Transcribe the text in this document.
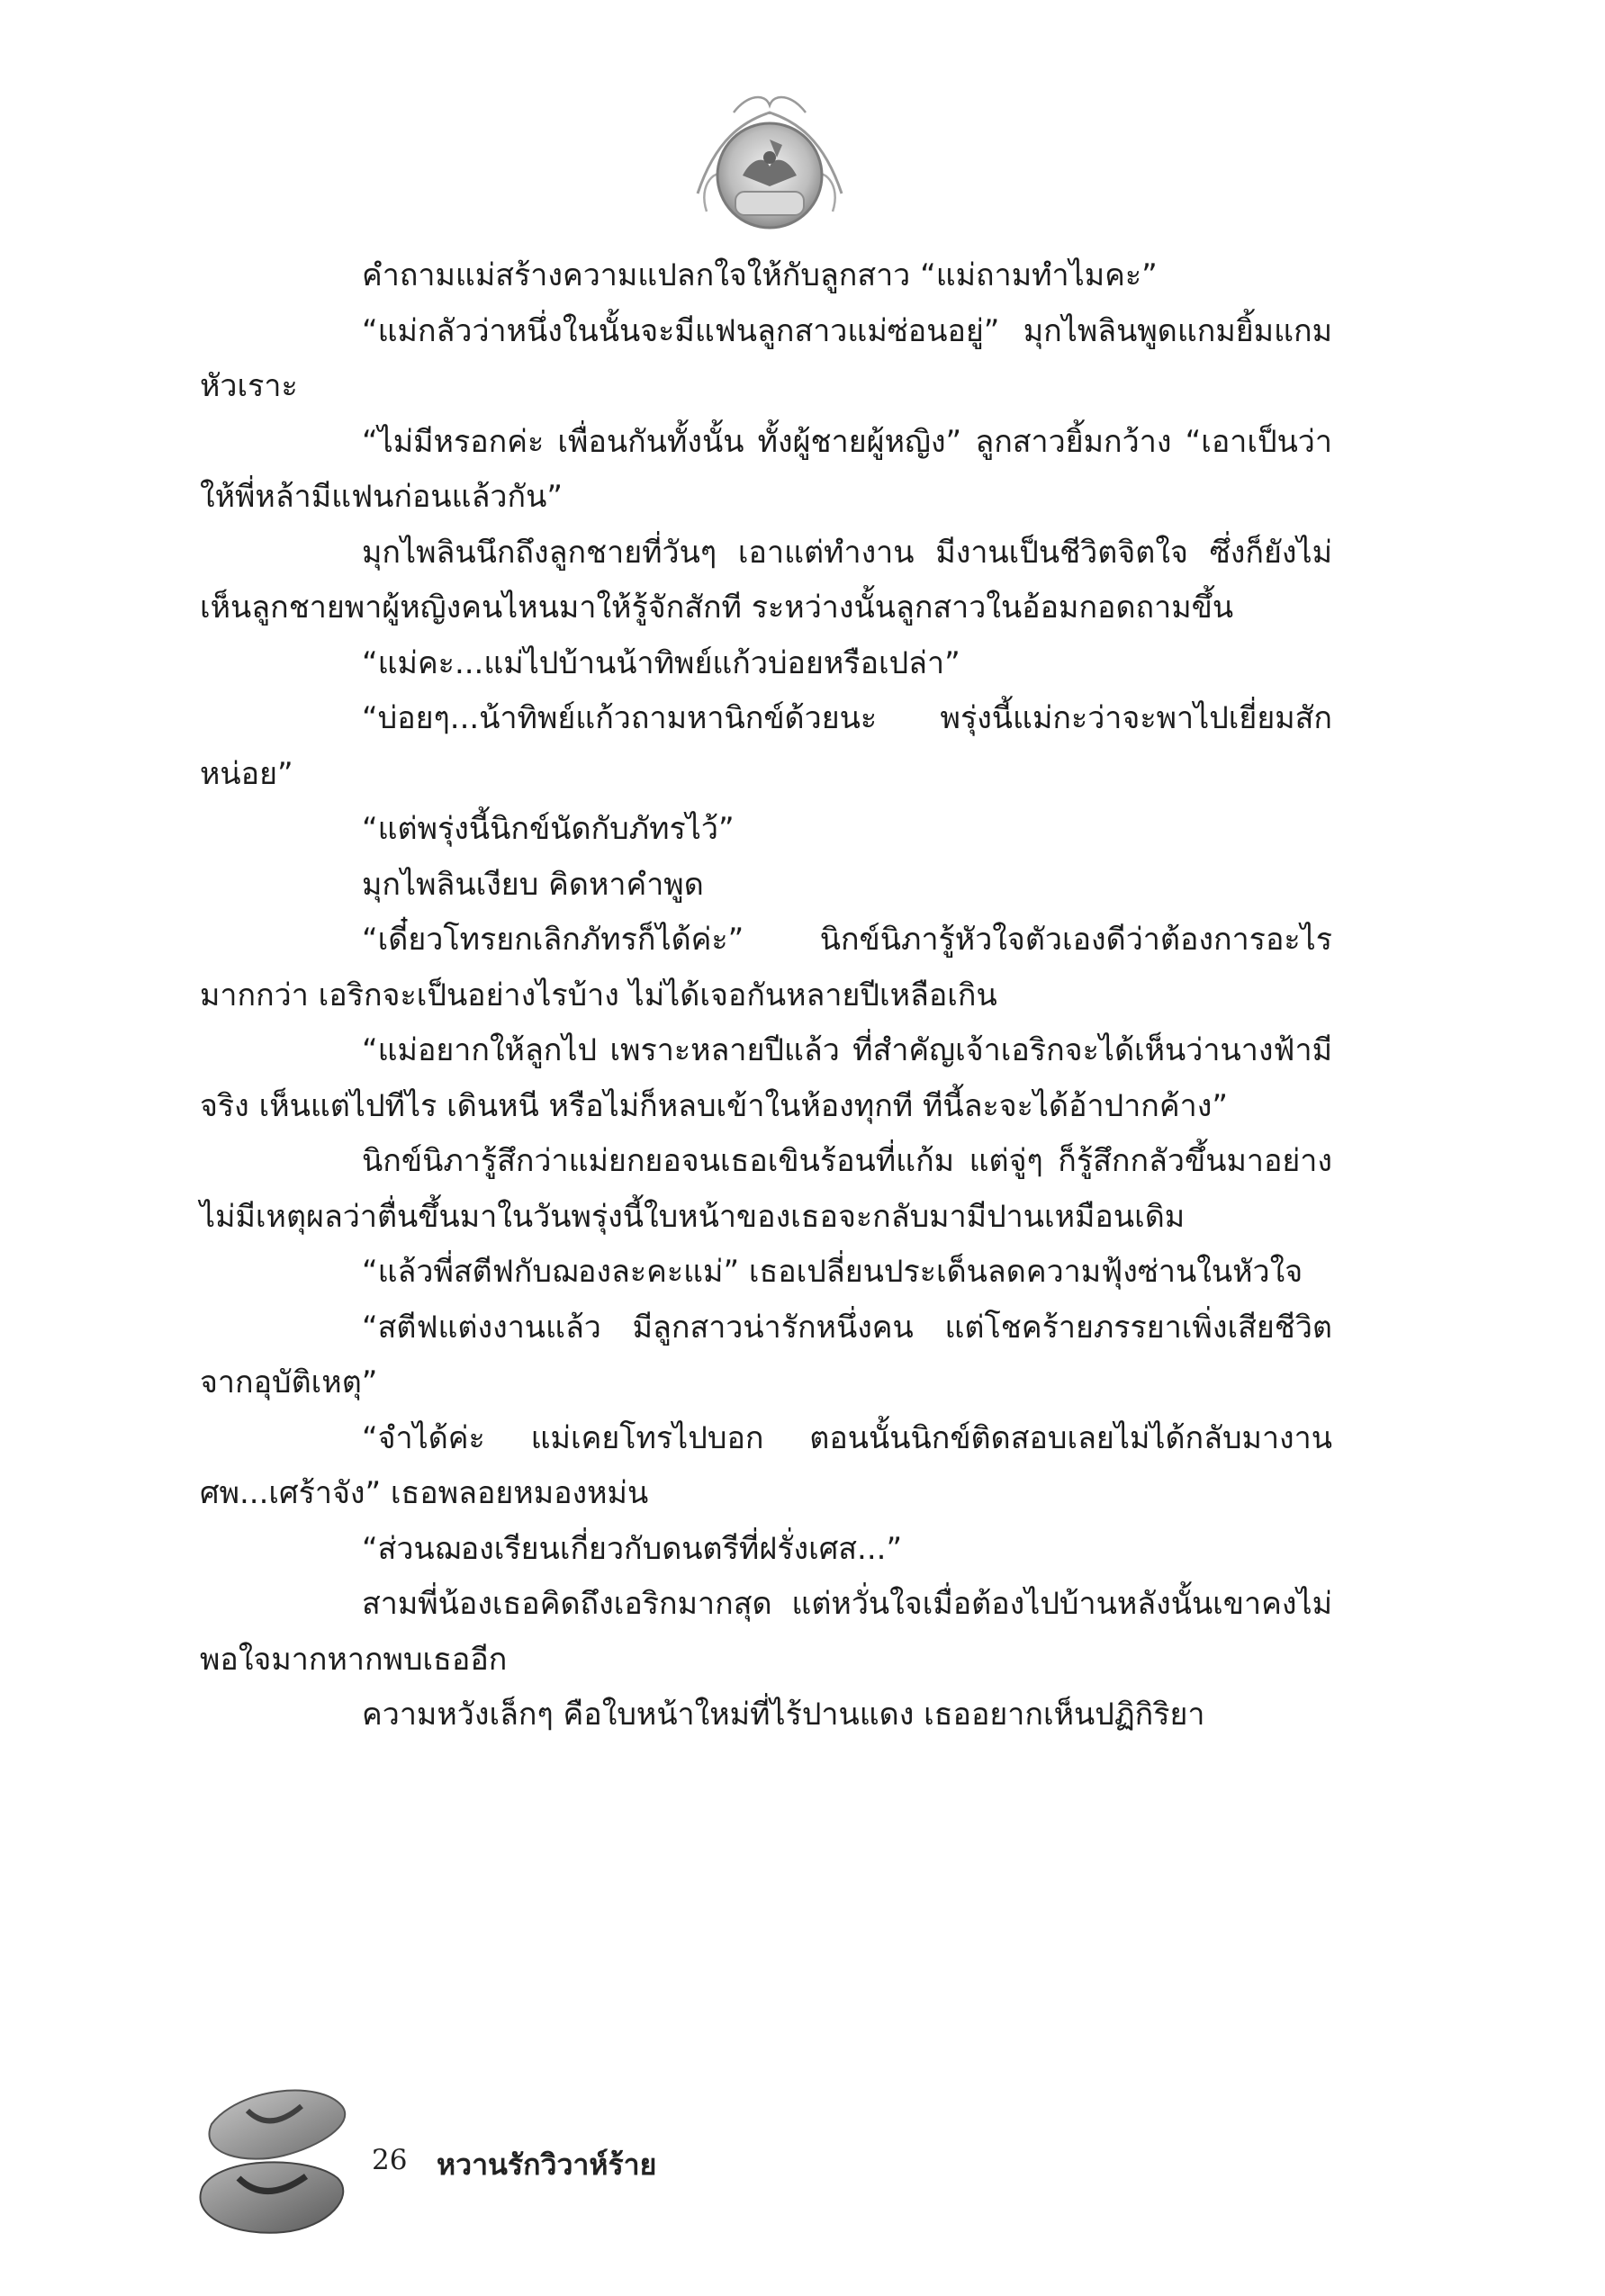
คำถามแม่สร้างความแปลกใจให้กับลูกสาว “แม่ถามทำไมคะ”

“แม่กลัวว่าหนึ่งในนั้นจะมีแฟนลูกสาวแม่ซ่อนอยู่” มุกไพลินพูดแกมยิ้มแกมหัวเราะ

“ไม่มีหรอกค่ะ เพื่อนกันทั้งนั้น ทั้งผู้ชายผู้หญิง” ลูกสาวยิ้มกว้าง “เอาเป็นว่าให้พี่หล้ามีแฟนก่อนแล้วกัน”

มุกไพลินนึกถึงลูกชายที่วันๆ เอาแต่ทำงาน มีงานเป็นชีวิตจิตใจ ซึ่งก็ยังไม่เห็นลูกชายพาผู้หญิงคนไหนมาให้รู้จักสักที ระหว่างนั้นลูกสาวในอ้อมกอดถามขึ้น

“แม่คะ...แม่ไปบ้านน้าทิพย์แก้วบ่อยหรือเปล่า”

“บ่อยๆ...น้าทิพย์แก้วถามหานิกข์ด้วยนะ พรุ่งนี้แม่กะว่าจะพาไปเยี่ยมสักหน่อย”

“แต่พรุ่งนี้นิกข์นัดกับภัทรไว้”

มุกไพลินเงียบ คิดหาคำพูด

“เดี๋ยวโทรยกเลิกภัทรก็ได้ค่ะ” นิกข์นิภารู้หัวใจตัวเองดีว่าต้องการอะไรมากกว่า เอริกจะเป็นอย่างไรบ้าง ไม่ได้เจอกันหลายปีเหลือเกิน

“แม่อยากให้ลูกไป เพราะหลายปีแล้ว ที่สำคัญเจ้าเอริกจะได้เห็นว่านางฟ้ามีจริง เห็นแต่ไปทีไร เดินหนี หรือไม่ก็หลบเข้าในห้องทุกที ทีนี้ละจะได้อ้าปากค้าง”

นิกข์นิภารู้สึกว่าแม่ยกยอจนเธอเขินร้อนที่แก้ม แต่จู่ๆ ก็รู้สึกกลัวขึ้นมาอย่างไม่มีเหตุผลว่าตื่นขึ้นมาในวันพรุ่งนี้ใบหน้าของเธอจะกลับมามีปานเหมือนเดิม

“แล้วพี่สตีฟกับฌองละคะแม่” เธอเปลี่ยนประเด็นลดความฟุ้งซ่านในหัวใจ

“สตีฟแต่งงานแล้ว มีลูกสาวน่ารักหนึ่งคน แต่โชคร้ายภรรยาเพิ่งเสียชีวิตจากอุบัติเหตุ”

“จำได้ค่ะ แม่เคยโทรไปบอก ตอนนั้นนิกข์ติดสอบเลยไม่ได้กลับมางานศพ...เศร้าจัง” เธอพลอยหมองหม่น

“ส่วนฌองเรียนเกี่ยวกับดนตรีที่ฝรั่งเศส...”

สามพี่น้องเธอคิดถึงเอริกมากสุด แต่หวั่นใจเมื่อต้องไปบ้านหลังนั้นเขาคงไม่พอใจมากหากพบเธออีก

ความหวังเล็กๆ คือใบหน้าใหม่ที่ไร้ปานแดง เธออยากเห็นปฏิกิริยา

26 หวานรักวิวาห์ร้าย
